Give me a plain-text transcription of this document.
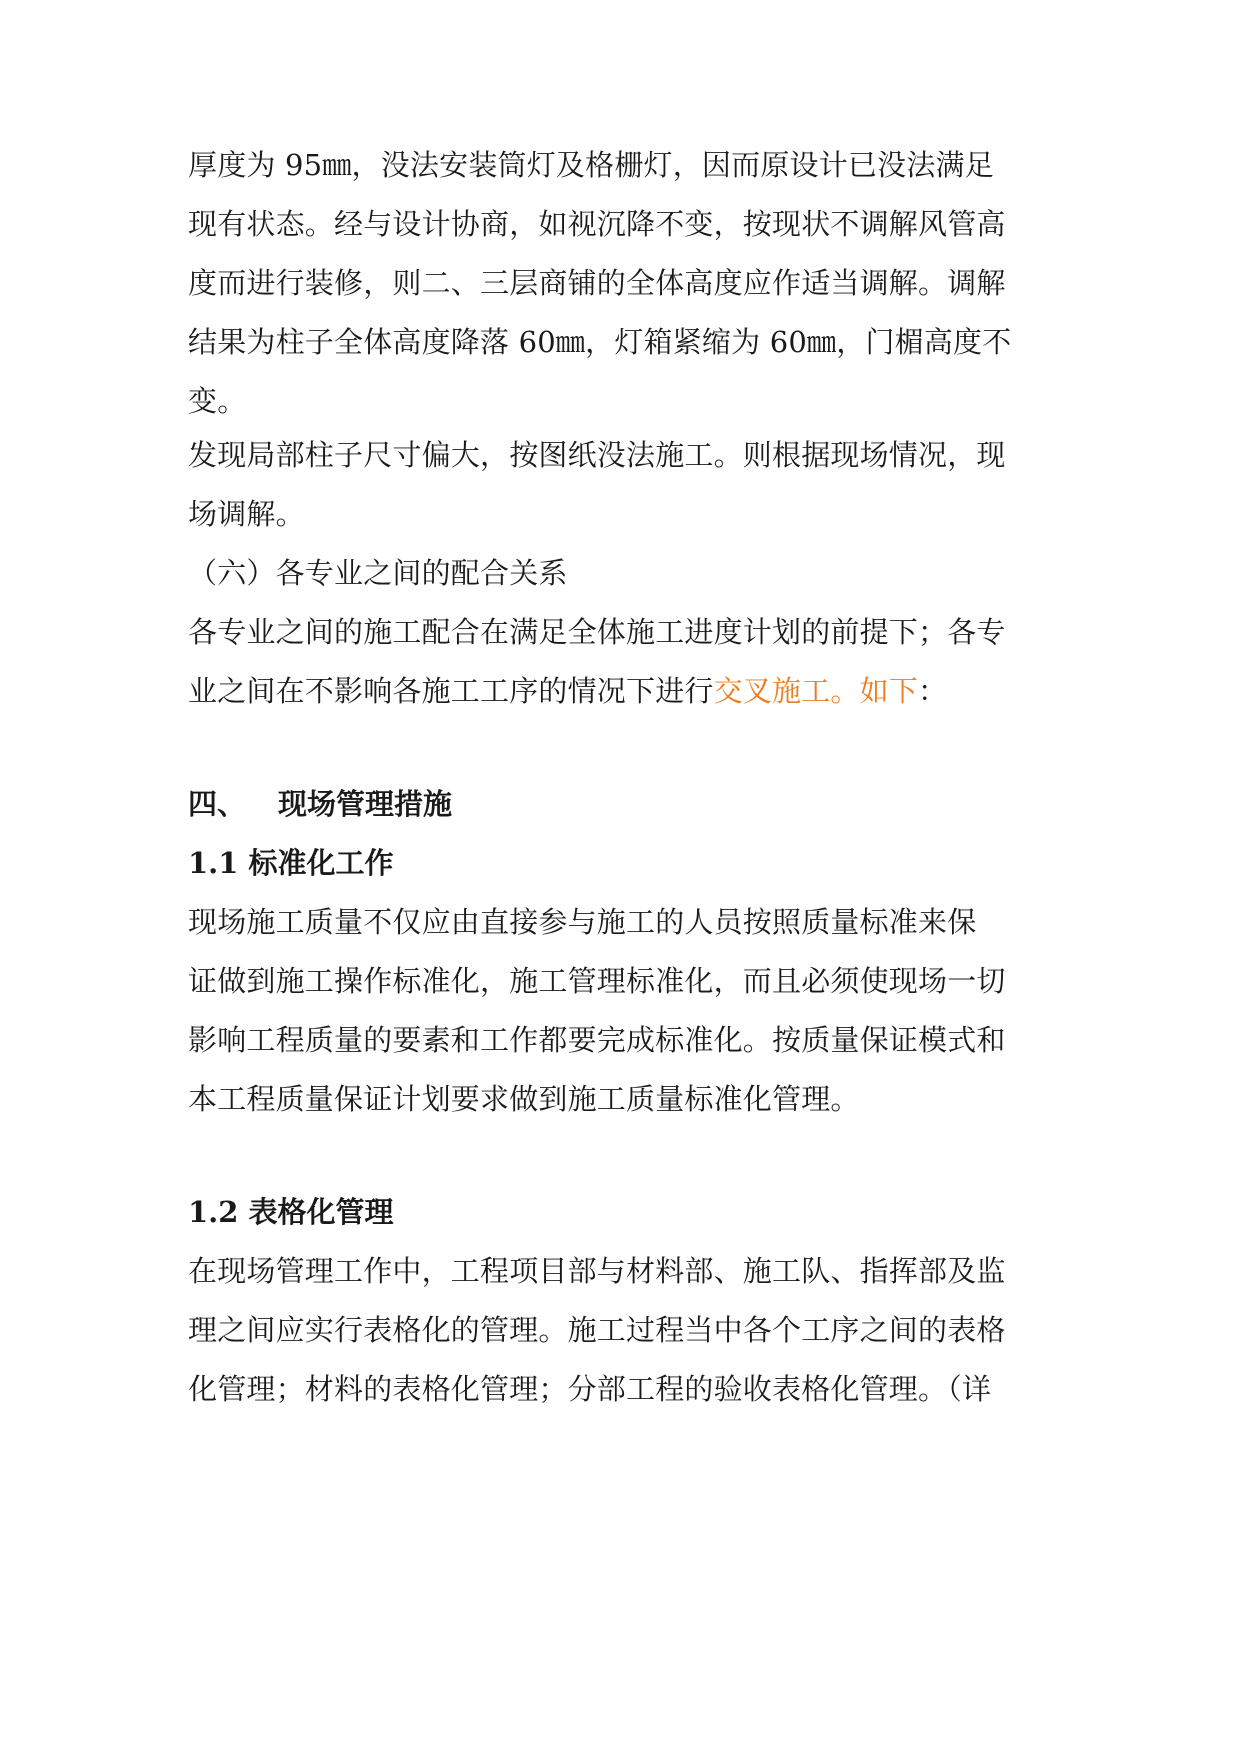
厚度为 95㎜，没法安装筒灯及格栅灯，因而原设计已没法满足
现有状态。经与设计协商，如视沉降不变，按现状不调解风管高
度而进行装修，则二、三层商铺的全体高度应作适当调解。调解
结果为柱子全体高度降落 60㎜，灯箱紧缩为 60㎜，门楣高度不
变。
发现局部柱子尺寸偏大，按图纸没法施工。则根据现场情况，现
场调解。
（六）各专业之间的配合关系
各专业之间的施工配合在满足全体施工进度计划的前提下；各专
业之间在不影响各施工工序的情况下进行交叉施工。如下：
四、 现场管理措施
1.1 标准化工作
现场施工质量不仅应由直接参与施工的人员按照质量标准来保
证做到施工操作标准化，施工管理标准化，而且必须使现场一切
影响工程质量的要素和工作都要完成标准化。按质量保证模式和
本工程质量保证计划要求做到施工质量标准化管理。
1.2 表格化管理
在现场管理工作中，工程项目部与材料部、施工队、指挥部及监
理之间应实行表格化的管理。施工过程当中各个工序之间的表格
化管理；材料的表格化管理；分部工程的验收表格化管理。（详
